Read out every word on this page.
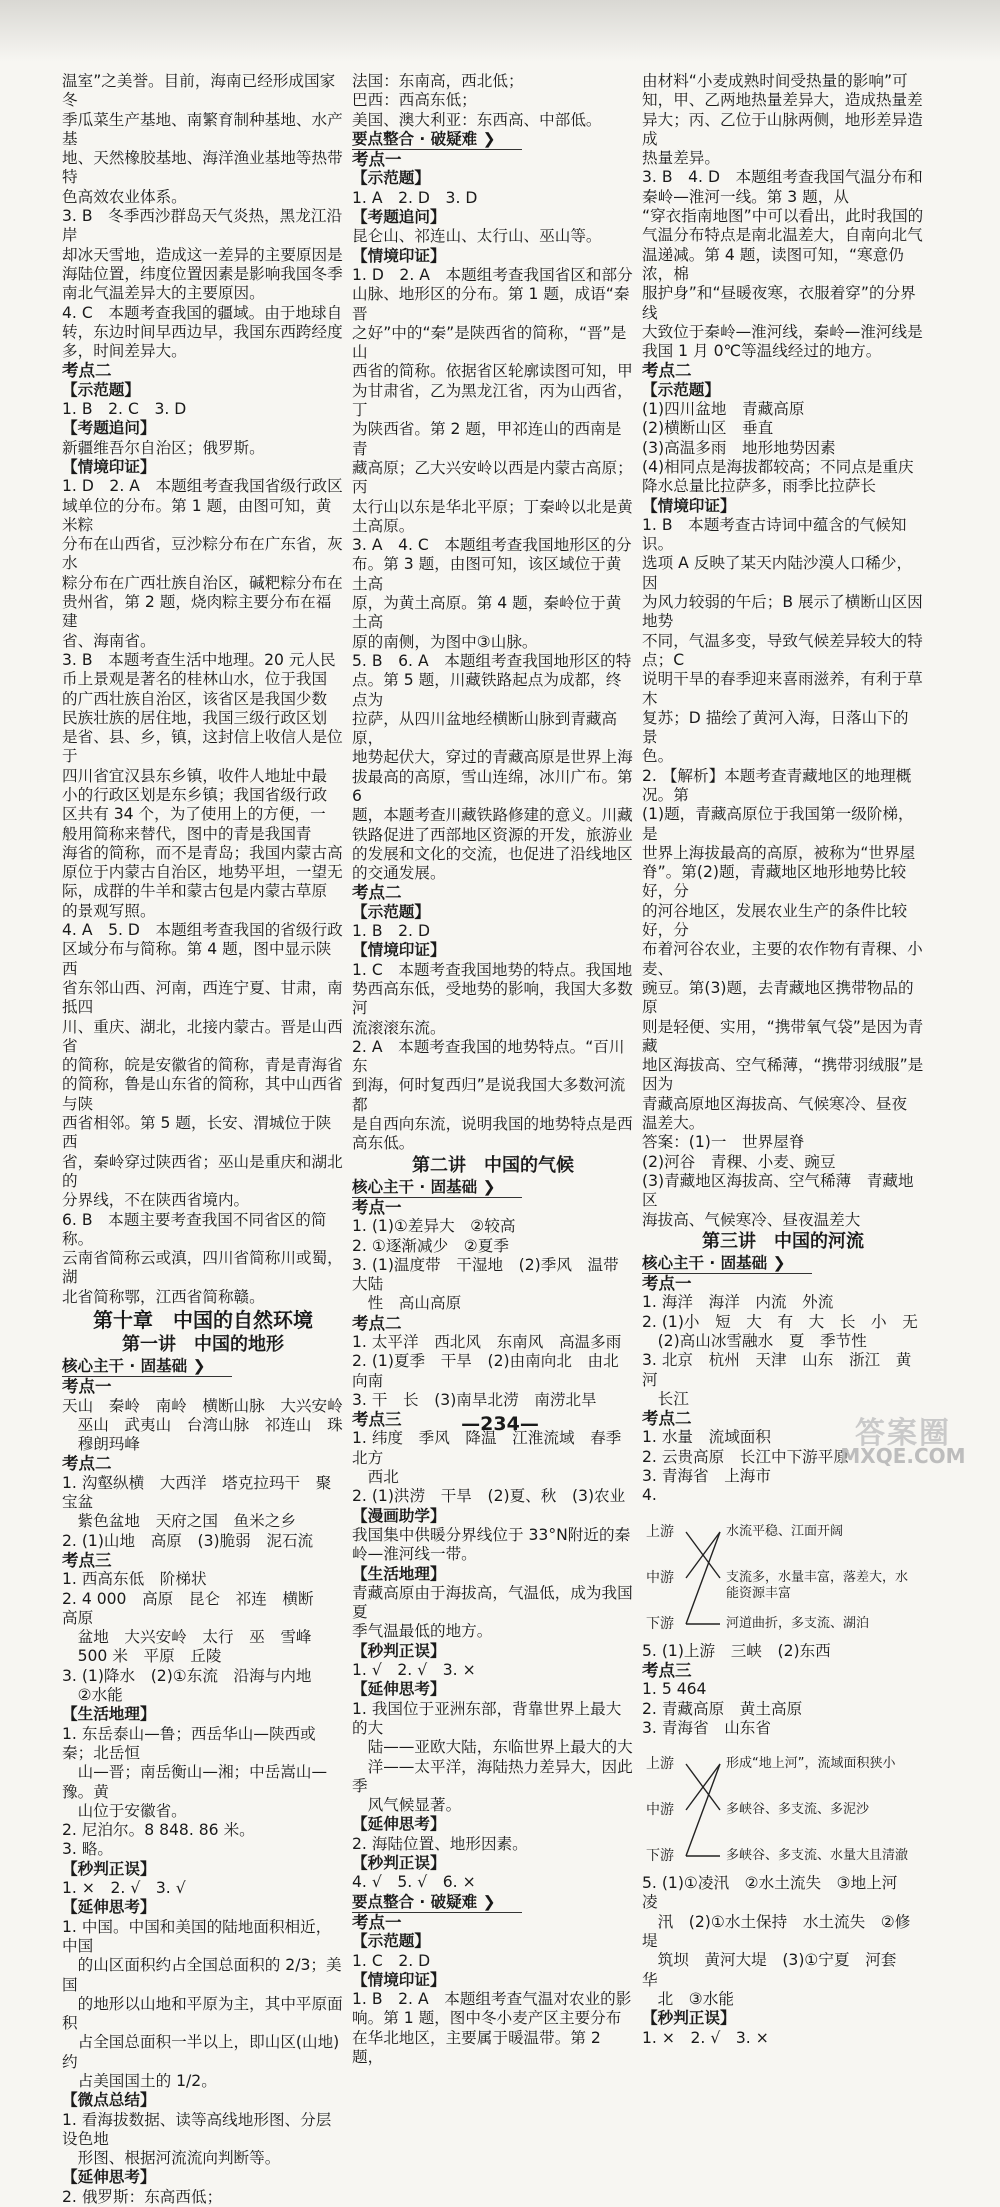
温室”之美誉。目前，海南已经形成国家冬

季瓜菜生产基地、南繁育制种基地、水产基

地、天然橡胶基地、海洋渔业基地等热带特

色高效农业体系。

3. B　冬季西沙群岛天气炎热，黑龙江沿岸

却冰天雪地，造成这一差异的主要原因是

海陆位置，纬度位置因素是影响我国冬季

南北气温差异大的主要原因。

4. C　本题考查我国的疆域。由于地球自

转，东边时间早西边早，我国东西跨经度

多，时间差异大。

考点二

【示范题】

1. B　2. C　3. D

【考题追问】

新疆维吾尔自治区；俄罗斯。

【情境印证】

1. D　2. A　本题组考查我国省级行政区

域单位的分布。第 1 题，由图可知，黄米粽

分布在山西省，豆沙粽分布在广东省，灰水

粽分布在广西壮族自治区，碱粑粽分布在

贵州省，第 2 题，烧肉粽主要分布在福建

省、海南省。

3. B　本题考查生活中地理。20 元人民

币上景观是著名的桂林山水，位于我国

的广西壮族自治区，该省区是我国少数

民族壮族的居住地，我国三级行政区划

是省、县、乡，镇，这封信上收信人是位于

四川省宜汉县东乡镇，收件人地址中最

小的行政区划是东乡镇；我国省级行政

区共有 34 个，为了使用上的方便，一

般用简称来替代，图中的青是我国青

海省的简称，而不是青岛；我国内蒙古高

原位于内蒙古自治区，地势平坦，一望无

际，成群的牛羊和蒙古包是内蒙古草原

的景观写照。

4. A　5. D　本题组考查我国的省级行政

区域分布与简称。第 4 题，图中显示陕西

省东邻山西、河南，西连宁夏、甘肃，南抵四

川、重庆、湖北，北接内蒙古。晋是山西省

的简称，皖是安徽省的简称，青是青海省

的简称，鲁是山东省的简称，其中山西省与陕

西省相邻。第 5 题，长安、渭城位于陕西

省，秦岭穿过陕西省；巫山是重庆和湖北的

分界线，不在陕西省境内。

6. B　本题主要考查我国不同省区的简称。

云南省简称云或滇，四川省简称川或蜀，湖

北省简称鄂，江西省简称赣。

第十章　中国的自然环境

第一讲　中国的地形

核心主干 · 固基础 ❯

考点一

天山　秦岭　南岭　横断山脉　大兴安岭

　巫山　武夷山　台湾山脉　祁连山　珠

　穆朗玛峰

考点二

1. 沟壑纵横　大西洋　塔克拉玛干　聚宝盆

　紫色盆地　天府之国　鱼米之乡

2. (1)山地　高原　(3)脆弱　泥石流

考点三

1. 西高东低　阶梯状

2. 4 000　高原　昆仑　祁连　横断　高原

　盆地　大兴安岭　太行　巫　雪峰

　500 米　平原　丘陵

3. (1)降水　(2)①东流　沿海与内地

　②水能

【生活地理】

1. 东岳泰山—鲁；西岳华山—陕西或秦；北岳恒

　山—晋；南岳衡山—湘；中岳嵩山—豫。黄

　山位于安徽省。

2. 尼泊尔。8 848. 86 米。

3. 略。

【秒判正误】

1. ×　2. √　3. √

【延伸思考】

1. 中国。中国和美国的陆地面积相近，中国

　的山区面积约占全国总面积的 2/3；美国

　的地形以山地和平原为主，其中平原面积

　占全国总面积一半以上，即山区(山地)约

　占美国国土的 1/2。

【微点总结】

1. 看海拔数据、读等高线地形图、分层设色地

　形图、根据河流流向判断等。

【延伸思考】

2. 俄罗斯：东高西低；

法国：东南高，西北低；

巴西：西高东低；

美国、澳大利亚：东西高、中部低。

要点整合 · 破疑难 ❯

考点一

【示范题】

1. A　2. D　3. D

【考题追问】

昆仑山、祁连山、太行山、巫山等。

【情境印证】

1. D　2. A　本题组考查我国省区和部分

山脉、地形区的分布。第 1 题，成语“秦晋

之好”中的“秦”是陕西省的简称，“晋”是山

西省的简称。依据省区轮廓读图可知，甲

为甘肃省，乙为黑龙江省，丙为山西省，丁

为陕西省。第 2 题，甲祁连山的西南是青

藏高原；乙大兴安岭以西是内蒙古高原；丙

太行山以东是华北平原；丁秦岭以北是黄

土高原。

3. A　4. C　本题组考查我国地形区的分

布。第 3 题，由图可知，该区域位于黄土高

原，为黄土高原。第 4 题，秦岭位于黄土高

原的南侧，为图中③山脉。

5. B　6. A　本题组考查我国地形区的特

点。第 5 题，川藏铁路起点为成都，终点为

拉萨，从四川盆地经横断山脉到青藏高原，

地势起伏大，穿过的青藏高原是世界上海

拔最高的高原，雪山连绵，冰川广布。第 6

题，本题考查川藏铁路修建的意义。川藏

铁路促进了西部地区资源的开发，旅游业

的发展和文化的交流，也促进了沿线地区

的交通发展。

考点二

【示范题】

1. B　2. D

【情境印证】

1. C　本题考查我国地势的特点。我国地

势西高东低，受地势的影响，我国大多数河

流滚滚东流。

2. A　本题考查我国的地势特点。“百川东

到海，何时复西归”是说我国大多数河流都

是自西向东流，说明我国的地势特点是西

高东低。

第二讲　中国的气候

核心主干 · 固基础 ❯

考点一

1. (1)①差异大　②较高

2. ①逐渐减少　②夏季

3. (1)温度带　干湿地　(2)季风　温带大陆

　性　高山高原

考点二

1. 太平洋　西北风　东南风　高温多雨

2. (1)夏季　干旱　(2)由南向北　由北向南

3. 干　长　(3)南旱北涝　南涝北旱

考点三

1. 纬度　季风　降温　江淮流域　春季　北方

　西北

2. (1)洪涝　干旱　(2)夏、秋　(3)农业

【漫画助学】

我国集中供暖分界线位于 33°N附近的秦

岭—淮河线一带。

【生活地理】

青藏高原由于海拔高，气温低，成为我国夏

季气温最低的地方。

【秒判正误】

1. √　2. √　3. ×

【延伸思考】

1. 我国位于亚洲东部，背靠世界上最大的大

　陆——亚欧大陆，东临世界上最大的大

　洋——太平洋，海陆热力差异大，因此季

　风气候显著。

【延伸思考】

2. 海陆位置、地形因素。

【秒判正误】

4. √　5. √　6. ×

要点整合 · 破疑难 ❯

考点一

【示范题】

1. C　2. D

【情境印证】

1. B　2. A　本题组考查气温对农业的影

响。第 1 题，图中冬小麦产区主要分布

在华北地区，主要属于暖温带。第 2 题，

由材料“小麦成熟时间受热量的影响”可

知，甲、乙两地热量差异大，造成热量差

异大；丙、乙位于山脉两侧，地形差异造成

热量差异。

3. B　4. D　本题组考查我国气温分布和

秦岭—淮河一线。第 3 题，从

“穿衣指南地图”中可以看出，此时我国的

气温分布特点是南北温差大，自南向北气

温递减。第 4 题，读图可知，“寒意仍浓，棉

服护身”和“昼暖夜寒，衣服着穿”的分界线

大致位于秦岭—淮河线，秦岭—淮河线是

我国 1 月 0℃等温线经过的地方。

考点二

【示范题】

(1)四川盆地　青藏高原

(2)横断山区　垂直

(3)高温多雨　地形地势因素

(4)相同点是海拔都较高；不同点是重庆

降水总量比拉萨多，雨季比拉萨长

【情境印证】

1. B　本题考查古诗词中蕴含的气候知识。

选项 A 反映了某天内陆沙漠人口稀少，因

为风力较弱的午后；B 展示了横断山区因地势

不同，气温多变，导致气候差异较大的特点；C

说明干旱的春季迎来喜雨滋养，有利于草木

复苏；D 描绘了黄河入海，日落山下的景

色。

2. 【解析】本题考查青藏地区的地理概况。第

(1)题，青藏高原位于我国第一级阶梯，是

世界上海拔最高的高原，被称为“世界屋

脊”。第(2)题，青藏地区地形地势比较好，分

的河谷地区，发展农业生产的条件比较好，分

布着河谷农业，主要的农作物有青稞、小麦、

豌豆。第(3)题，去青藏地区携带物品的原

则是轻便、实用，“携带氧气袋”是因为青藏

地区海拔高、空气稀薄，“携带羽绒服”是因为

青藏高原地区海拔高、气候寒冷、昼夜

温差大。

答案：(1)一　世界屋脊

(2)河谷　青稞、小麦、豌豆

(3)青藏地区海拔高、空气稀薄　青藏地区

海拔高、气候寒冷、昼夜温差大

第三讲　中国的河流

核心主干 · 固基础 ❯

考点一

1. 海洋　海洋　内流　外流

2. (1)小　短　大　有　大　长　小　无

　(2)高山冰雪融水　夏　季节性

3. 北京　杭州　天津　山东　浙江　黄河

　长江

考点二

1. 水量　流域面积

2. 云贵高原　长江中下游平原

3. 青海省　上海市

4.

上游
中游
下游
水流平稳、江面开阔
支流多，水量丰富，落差大，水能资源丰富
河道曲折，多支流、湖泊

5. (1)上游　三峡　(2)东西

考点三

1. 5 464

2. 青藏高原　黄土高原

3. 青海省　山东省

上游
中游
下游
形成“地上河”，流域面积狭小
多峡谷、多支流、多泥沙
多峡谷、多支流、水量大且清澈

5. (1)①凌汛　②水土流失　③地上河　凌

　汛　(2)①水土保持　水土流失　②修堤

　筑坝　黄河大堤　(3)①宁夏　河套　华

　北　③水能

【秒判正误】

1. ×　2. √　3. ×

—234—	答案圈
MXQE.COM
